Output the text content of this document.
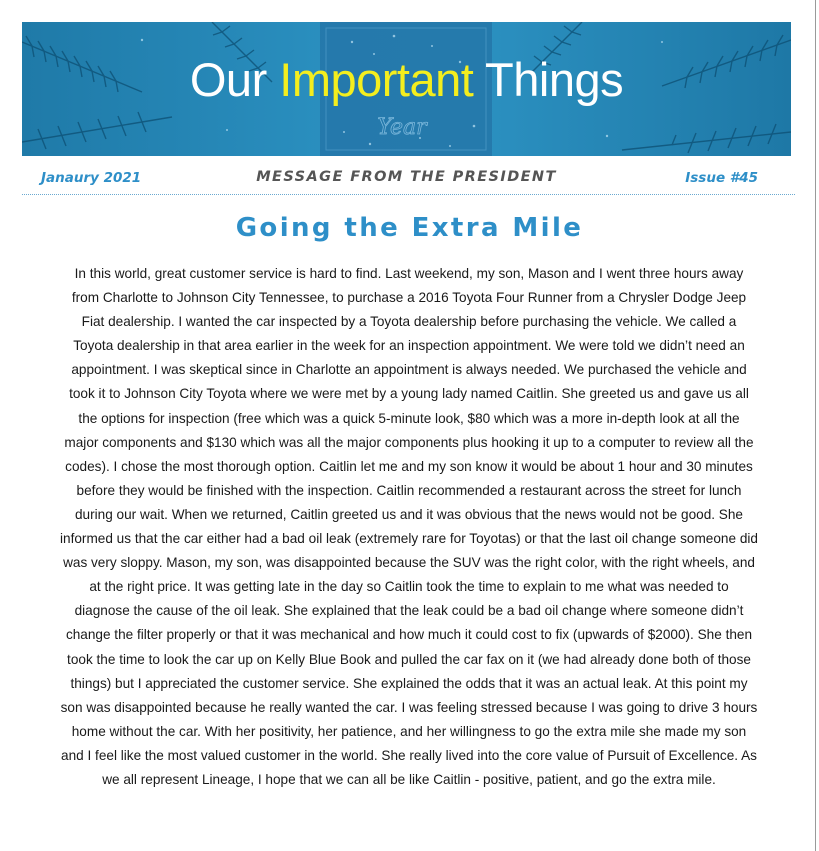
Year
Our Important Things
Janaury 2021	MESSAGE FROM THE PRESIDENT	Issue #45
Going the Extra Mile

In this world, great customer service is hard to find. Last weekend, my son, Mason and I went three hours away from Charlotte to Johnson City Tennessee, to purchase a 2016 Toyota Four Runner from a Chrysler Dodge Jeep Fiat dealership. I wanted the car inspected by a Toyota dealership before purchasing the vehicle. We called a Toyota dealership in that area earlier in the week for an inspection appointment. We were told we didn’t need an appointment. I was skeptical since in Charlotte an appointment is always needed. We purchased the vehicle and took it to Johnson City Toyota where we were met by a young lady named Caitlin. She greeted us and gave us all the options for inspection (free which was a quick 5-minute look, $80 which was a more in-depth look at all the major components and $130 which was all the major components plus hooking it up to a computer to review all the codes). I chose the most thorough option. Caitlin let me and my son know it would be about 1 hour and 30 minutes before they would be finished with the inspection. Caitlin recommended a restaurant across the street for lunch during our wait. When we returned, Caitlin greeted us and it was obvious that the news would not be good. She informed us that the car either had a bad oil leak (extremely rare for Toyotas) or that the last oil change someone did was very sloppy. Mason, my son, was disappointed because the SUV was the right color, with the right wheels, and at the right price. It was getting late in the day so Caitlin took the time to explain to me what was needed to diagnose the cause of the oil leak. She explained that the leak could be a bad oil change where someone didn’t change the filter properly or that it was mechanical and how much it could cost to fix (upwards of $2000). She then took the time to look the car up on Kelly Blue Book and pulled the car fax on it (we had already done both of those things) but I appreciated the customer service. She explained the odds that it was an actual leak. At this point my son was disappointed because he really wanted the car. I was feeling stressed because I was going to drive 3 hours home without the car. With her positivity, her patience, and her willingness to go the extra mile she made my son and I feel like the most valued customer in the world. She really lived into the core value of Pursuit of Excellence. As we all represent Lineage, I hope that we can all be like Caitlin - positive, patient, and go the extra mile.
